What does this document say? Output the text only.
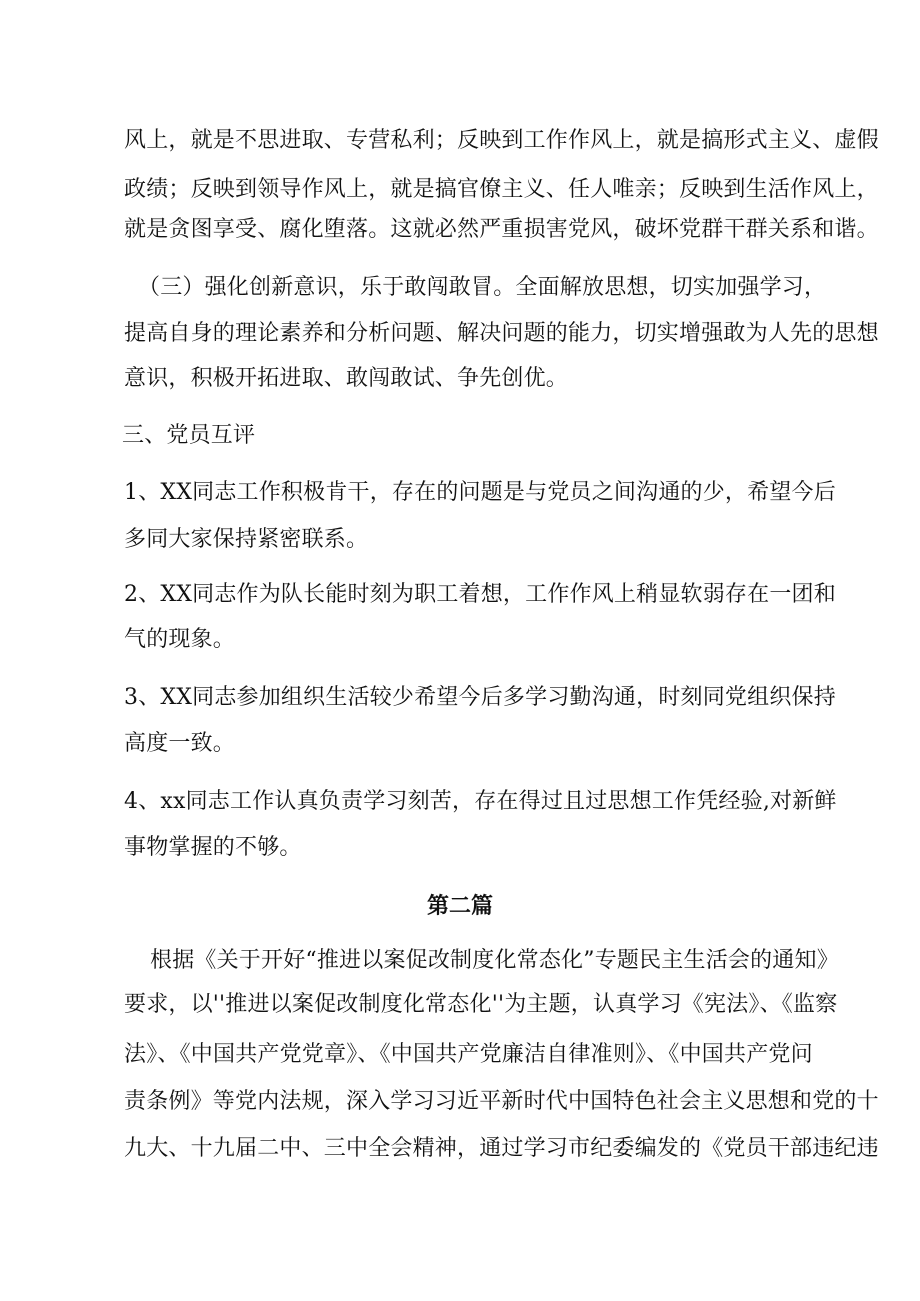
风上，就是不思进取、专营私利；反映到工作作风上，就是搞形式主义、虚假
政绩；反映到领导作风上，就是搞官僚主义、任人唯亲；反映到生活作风上，
就是贪图享受、腐化堕落。这就必然严重损害党风，破坏党群干群关系和谐。
（三）强化创新意识，乐于敢闯敢冒。全面解放思想，切实加强学习，
提高自身的理论素养和分析问题、解决问题的能力，切实增强敢为人先的思想
意识，积极开拓进取、敢闯敢试、争先创优。
三、党员互评
1、XX同志工作积极肯干，存在的问题是与党员之间沟通的少，希望今后
多同大家保持紧密联系。
2、XX同志作为队长能时刻为职工着想，工作作风上稍显软弱存在一团和
气的现象。
3、XX同志参加组织生活较少希望今后多学习勤沟通，时刻同党组织保持
高度一致。
4、xx同志工作认真负责学习刻苦，存在得过且过思想工作凭经验,对新鲜
事物掌握的不够。
第二篇
根据《关于开好“推进以案促改制度化常态化”专题民主生活会的通知》
要求，以''推进以案促改制度化常态化''为主题，认真学习《宪法》、《监察
法》、《中国共产党党章》、《中国共产党廉洁自律准则》、《中国共产党问
责条例》等党内法规，深入学习习近平新时代中国特色社会主义思想和党的十
九大、十九届二中、三中全会精神，通过学习市纪委编发的《党员干部违纪违
